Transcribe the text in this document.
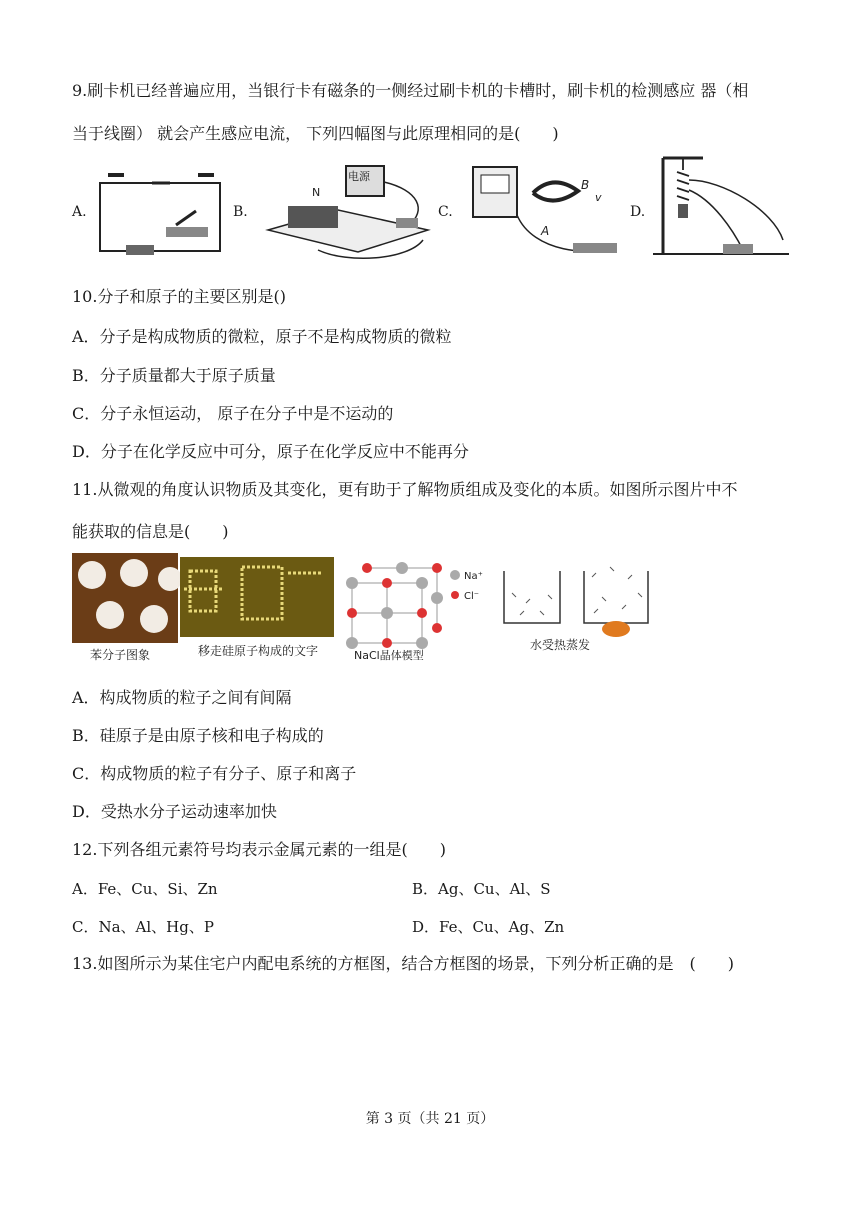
9.刷卡机已经普遍应用，当银行卡有磁条的一侧经过刷卡机的卡槽时，刷卡机的检测感应 器（相
当于线圈） 就会产生感应电流， 下列四幅图与此原理相同的是(　　)
A.	B.
电源
N
C.
B
v
A
D.
10.分子和原子的主要区别是()
A．分子是构成物质的微粒，原子不是构成物质的微粒
B．分子质量都大于原子质量
C．分子永恒运动， 原子在分子中是不运动的
D．分子在化学反应中可分，原子在化学反应中不能再分
11.从微观的角度认识物质及其变化，更有助于了解物质组成及变化的本质。如图所示图片中不
能获取的信息是(　　)
苯分子图象	移走硅原子构成的文字
Na⁺
Cl⁻
NaCl晶体模型
水受热蒸发
A．构成物质的粒子之间有间隔
B．硅原子是由原子核和电子构成的
C．构成物质的粒子有分子、原子和离子
D．受热水分子运动速率加快
12.下列各组元素符号均表示金属元素的一组是(　　)
A．Fe、Cu、Si、Zn	B．Ag、Cu、Al、S
C．Na、Al、Hg、P	D．Fe、Cu、Ag、Zn
13.如图所示为某住宅户内配电系统的方框图，结合方框图的场景，下列分析正确的是　(　　)
第 3 页（共 21 页）
